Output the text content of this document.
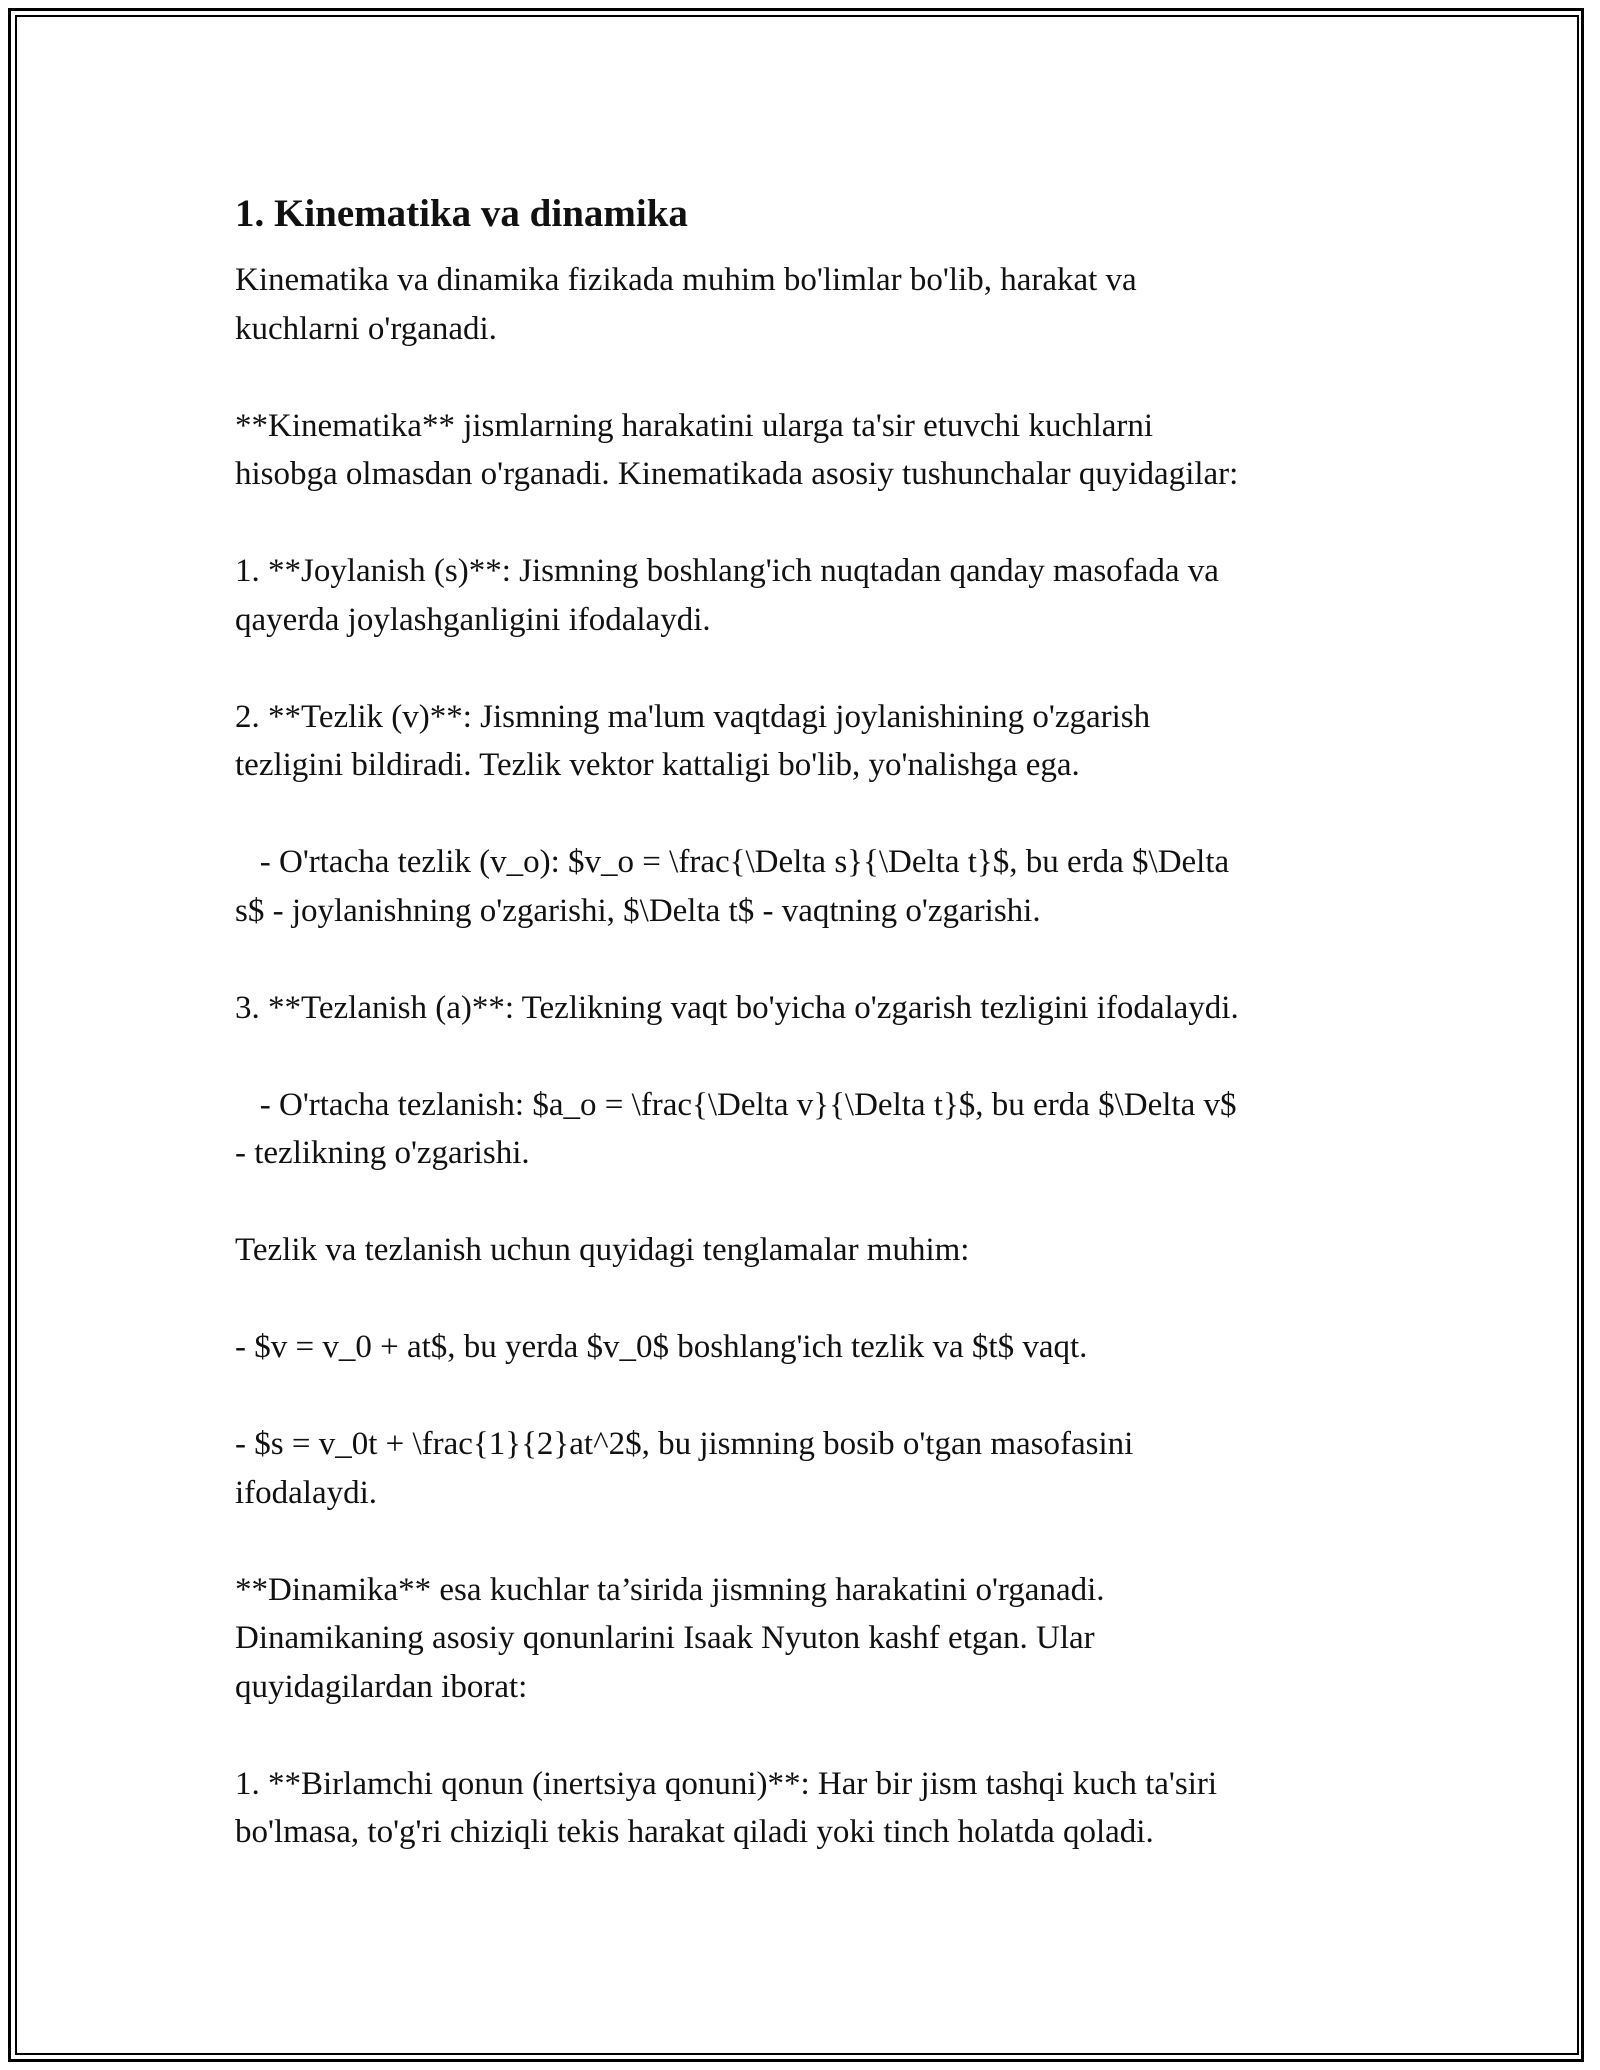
1. Kinematika va dinamika

Kinematika va dinamika fizikada muhim bo'limlar bo'lib, harakat va
kuchlarni o'rganadi.

**Kinematika** jismlarning harakatini ularga ta'sir etuvchi kuchlarni
hisobga olmasdan o'rganadi. Kinematikada asosiy tushunchalar quyidagilar:

1. **Joylanish (s)**: Jismning boshlang'ich nuqtadan qanday masofada va
qayerda joylashganligini ifodalaydi.

2. **Tezlik (v)**: Jismning ma'lum vaqtdagi joylanishining o'zgarish
tezligini bildiradi. Tezlik vektor kattaligi bo'lib, yo'nalishga ega.

- O'rtacha tezlik (v_o): $v_o = \frac{\Delta s}{\Delta t}$, bu erda $\Delta
s$ - joylanishning o'zgarishi, $\Delta t$ - vaqtning o'zgarishi.

3. **Tezlanish (a)**: Tezlikning vaqt bo'yicha o'zgarish tezligini ifodalaydi.

- O'rtacha tezlanish: $a_o = \frac{\Delta v}{\Delta t}$, bu erda $\Delta v$
- tezlikning o'zgarishi.

Tezlik va tezlanish uchun quyidagi tenglamalar muhim:

- $v = v_0 + at$, bu yerda $v_0$ boshlang'ich tezlik va $t$ vaqt.

- $s = v_0t + \frac{1}{2}at^2$, bu jismning bosib o'tgan masofasini
ifodalaydi.

**Dinamika** esa kuchlar ta’sirida jismning harakatini o'rganadi.
Dinamikaning asosiy qonunlarini Isaak Nyuton kashf etgan. Ular
quyidagilardan iborat:

1. **Birlamchi qonun (inertsiya qonuni)**: Har bir jism tashqi kuch ta'siri
bo'lmasa, to'g'ri chiziqli tekis harakat qiladi yoki tinch holatda qoladi.
